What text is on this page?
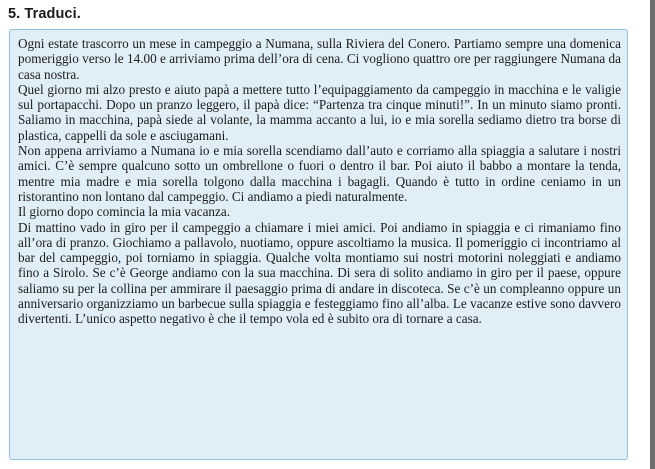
5. Traduci.

Ogni estate trascorro un mese in campeggio a Numana, sulla Riviera del Conero. Partiamo sempre una domenica pomeriggio verso le 14.00 e arriviamo prima dell’ora di cena. Ci vogliono quattro ore per raggiungere Numana da casa nostra.

Quel giorno mi alzo presto e aiuto papà a mettere tutto l’equipaggiamento da campeggio in macchina e le valigie sul portapacchi. Dopo un pranzo leggero, il papà dice: “Partenza tra cinque minuti!”. In un minuto siamo pronti. Saliamo in macchina, papà siede al volante, la mamma accanto a lui, io e mia sorella sediamo dietro tra borse di plastica, cappelli da sole e asciugamani.

Non appena arriviamo a Numana io e mia sorella scendiamo dall’auto e corriamo alla spiaggia a salutare i nostri amici. C’è sempre qualcuno sotto un ombrellone o fuori o dentro il bar. Poi aiuto il babbo a montare la tenda, mentre mia madre e mia sorella tolgono dalla macchina i bagagli. Quando è tutto in ordine ceniamo in un ristorantino non lontano dal campeggio. Ci andiamo a piedi naturalmente.

Il giorno dopo comincia la mia vacanza.

Di mattino vado in giro per il campeggio a chiamare i miei amici. Poi andiamo in spiaggia e ci rimaniamo fino all’ora di pranzo. Giochiamo a pallavolo, nuotiamo, oppure ascoltiamo la musica. Il pomeriggio ci incontriamo al bar del campeggio, poi torniamo in spiaggia. Qualche volta montiamo sui nostri motorini noleggiati e andiamo fino a Sirolo. Se c’è George andiamo con la sua macchina. Di sera di solito andiamo in giro per il paese, oppure saliamo su per la collina per ammirare il paesaggio prima di andare in discoteca. Se c’è un compleanno oppure un anniversario organizziamo un barbecue sulla spiaggia e festeggiamo fino all’alba. Le vacanze estive sono davvero divertenti. L’unico aspetto negativo è che il tempo vola ed è subito ora di tornare a casa.
